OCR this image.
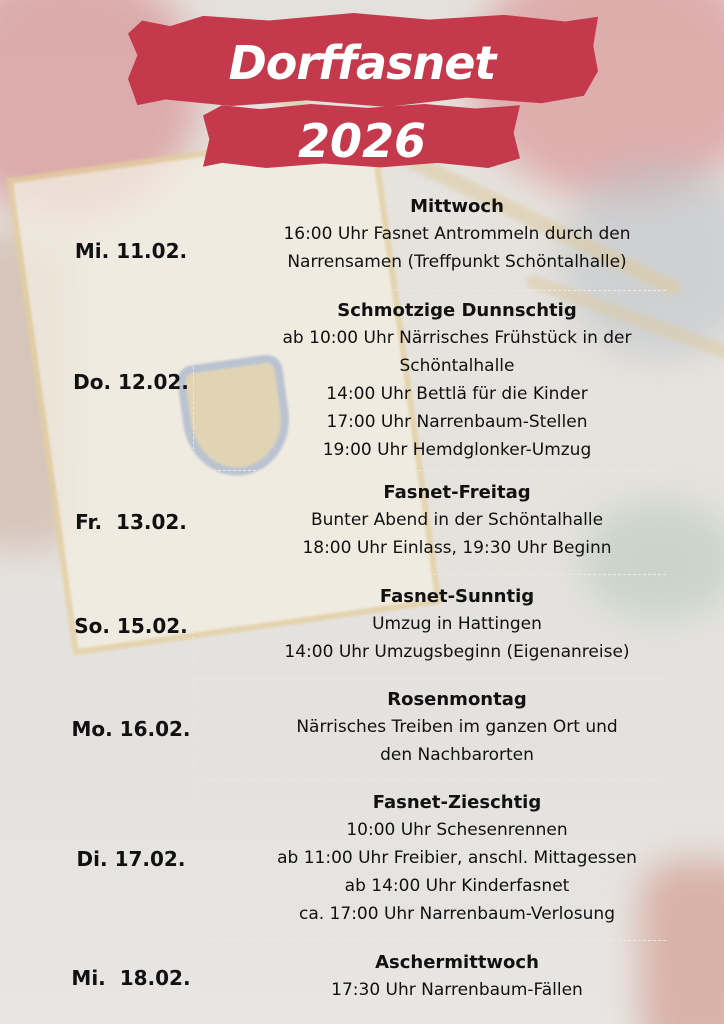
Dorffasnet
2026
Mi. 11.02.
Mittwoch
16:00 Uhr Fasnet Antrommeln durch den
Narrensamen (Treffpunkt Schöntalhalle)
Do. 12.02.
Schmotzige Dunnschtig
ab 10:00 Uhr Närrisches Frühstück in der
Schöntalhalle
14:00 Uhr Bettlä für die Kinder
17:00 Uhr Narrenbaum-Stellen
19:00 Uhr Hemdglonker-Umzug
Fr.  13.02.
Fasnet-Freitag
Bunter Abend in der Schöntalhalle
18:00 Uhr Einlass, 19:30 Uhr Beginn
So. 15.02.
Fasnet-Sunntig
Umzug in Hattingen
14:00 Uhr Umzugsbeginn (Eigenanreise)
Mo. 16.02.
Rosenmontag
Närrisches Treiben im ganzen Ort und
den Nachbarorten
Di. 17.02.
Fasnet-Zieschtig
10:00 Uhr Schesenrennen
ab 11:00 Uhr Freibier, anschl. Mittagessen
ab 14:00 Uhr Kinderfasnet
ca. 17:00 Uhr Narrenbaum-Verlosung
Mi.  18.02.
Aschermittwoch
17:30 Uhr Narrenbaum-Fällen
